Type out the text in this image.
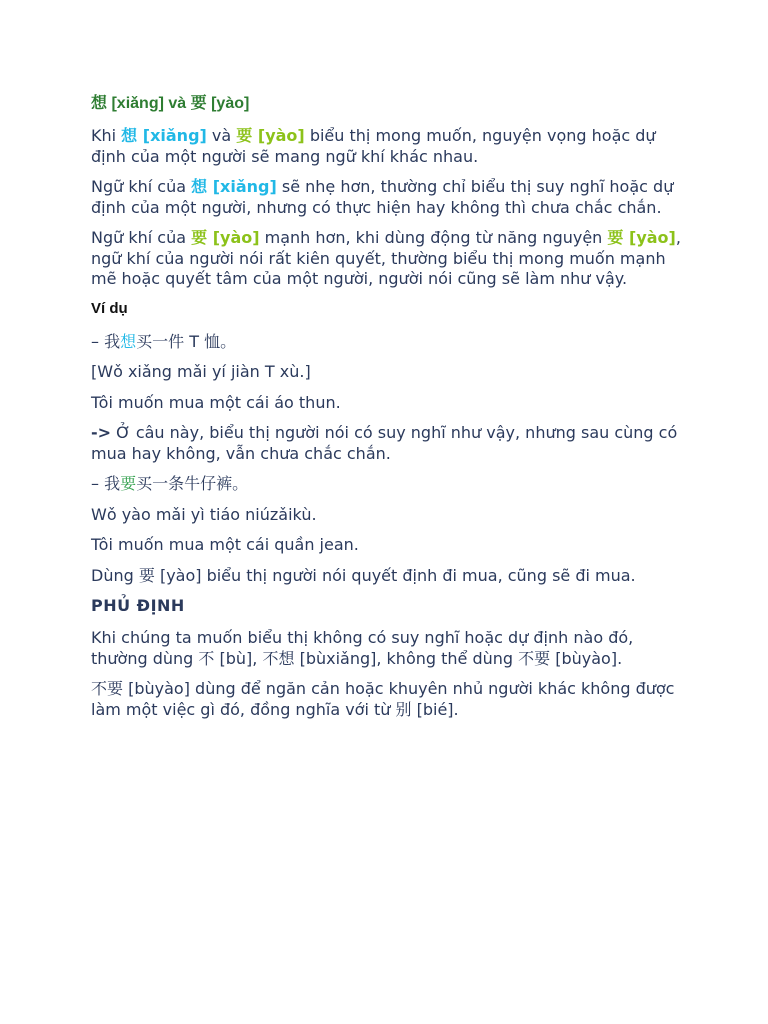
想 [xiǎng] và 要 [yào]

Khi 想 [xiǎng] và 要 [yào] biểu thị mong muốn, nguyện vọng hoặc dự định của một người sẽ mang ngữ khí khác nhau.

Ngữ khí của 想 [xiǎng] sẽ nhẹ hơn, thường chỉ biểu thị suy nghĩ hoặc dự định của một người, nhưng có thực hiện hay không thì chưa chắc chắn.

Ngữ khí của 要 [yào] mạnh hơn, khi dùng động từ năng nguyện 要 [yào], ngữ khí của người nói rất kiên quyết, thường biểu thị mong muốn mạnh mẽ hoặc quyết tâm của một người, người nói cũng sẽ làm như vậy.

Ví dụ

– 我想买一件 T 恤。

[Wǒ xiǎng mǎi yí jiàn T xù.]

Tôi muốn mua một cái áo thun.

-> Ở câu này, biểu thị người nói có suy nghĩ như vậy, nhưng sau cùng có mua hay không, vẫn chưa chắc chắn.

– 我要买一条牛仔裤。

Wǒ yào mǎi yì tiáo niúzǎikù.

Tôi muốn mua một cái quần jean.

Dùng 要 [yào] biểu thị người nói quyết định đi mua, cũng sẽ đi mua.

PHỦ ĐỊNH

Khi chúng ta muốn biểu thị không có suy nghĩ hoặc dự định nào đó, thường dùng 不 [bù], 不想 [bùxiǎng], không thể dùng 不要 [bùyào].

不要 [bùyào] dùng để ngăn cản hoặc khuyên nhủ người khác không được làm một việc gì đó, đồng nghĩa với từ 别 [bié].
